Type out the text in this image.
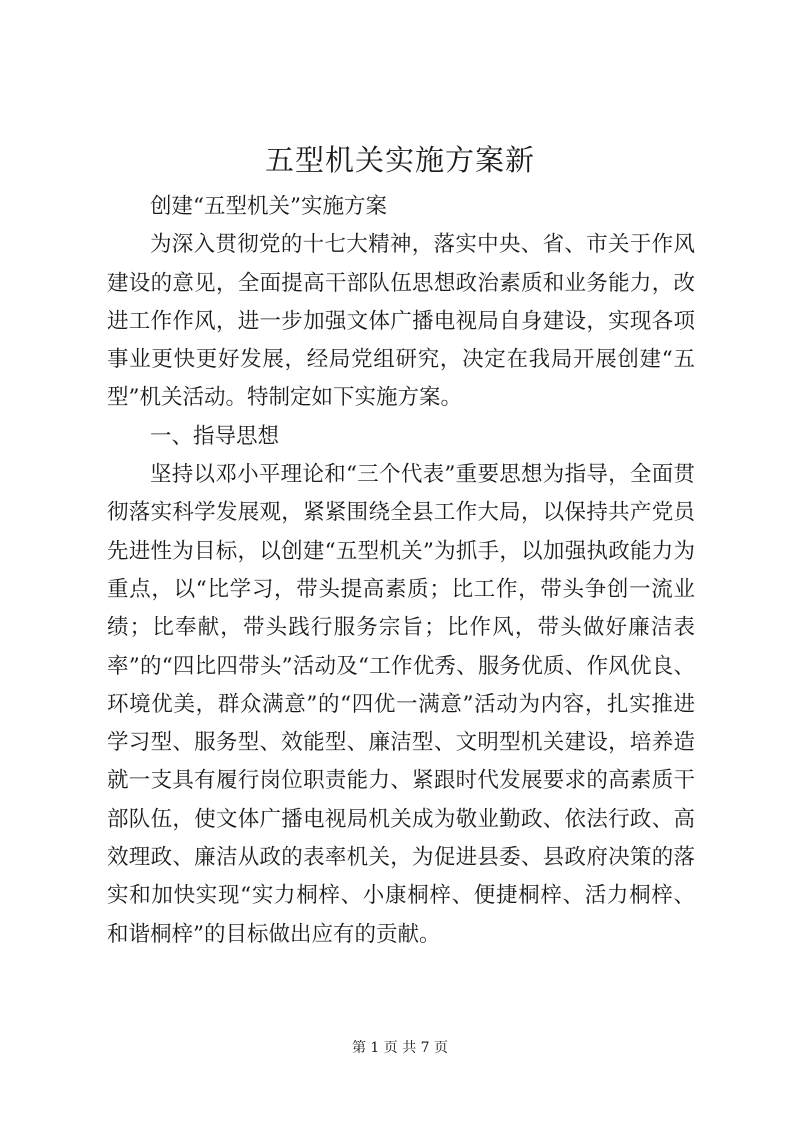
五型机关实施方案新

创建“五型机关”实施方案

为深入贯彻党的十七大精神，落实中央、省、市关于作风建设的意见，全面提高干部队伍思想政治素质和业务能力，改进工作作风，进一步加强文体广播电视局自身建设，实现各项事业更快更好发展，经局党组研究，决定在我局开展创建“五型”机关活动。特制定如下实施方案。

一、指导思想

坚持以邓小平理论和“三个代表”重要思想为指导，全面贯彻落实科学发展观，紧紧围绕全县工作大局，以保持共产党员先进性为目标，以创建“五型机关”为抓手，以加强执政能力为重点，以“比学习，带头提高素质；比工作，带头争创一流业绩；比奉献，带头践行服务宗旨；比作风，带头做好廉洁表率”的“四比四带头”活动及“工作优秀、服务优质、作风优良、环境优美，群众满意”的“四优一满意”活动为内容，扎实推进学习型、服务型、效能型、廉洁型、文明型机关建设，培养造就一支具有履行岗位职责能力、紧跟时代发展要求的高素质干部队伍，使文体广播电视局机关成为敬业勤政、依法行政、高效理政、廉洁从政的表率机关，为促进县委、县政府决策的落实和加快实现“实力桐梓、小康桐梓、便捷桐梓、活力桐梓、和谐桐梓”的目标做出应有的贡献。

第 1 页 共 7 页
